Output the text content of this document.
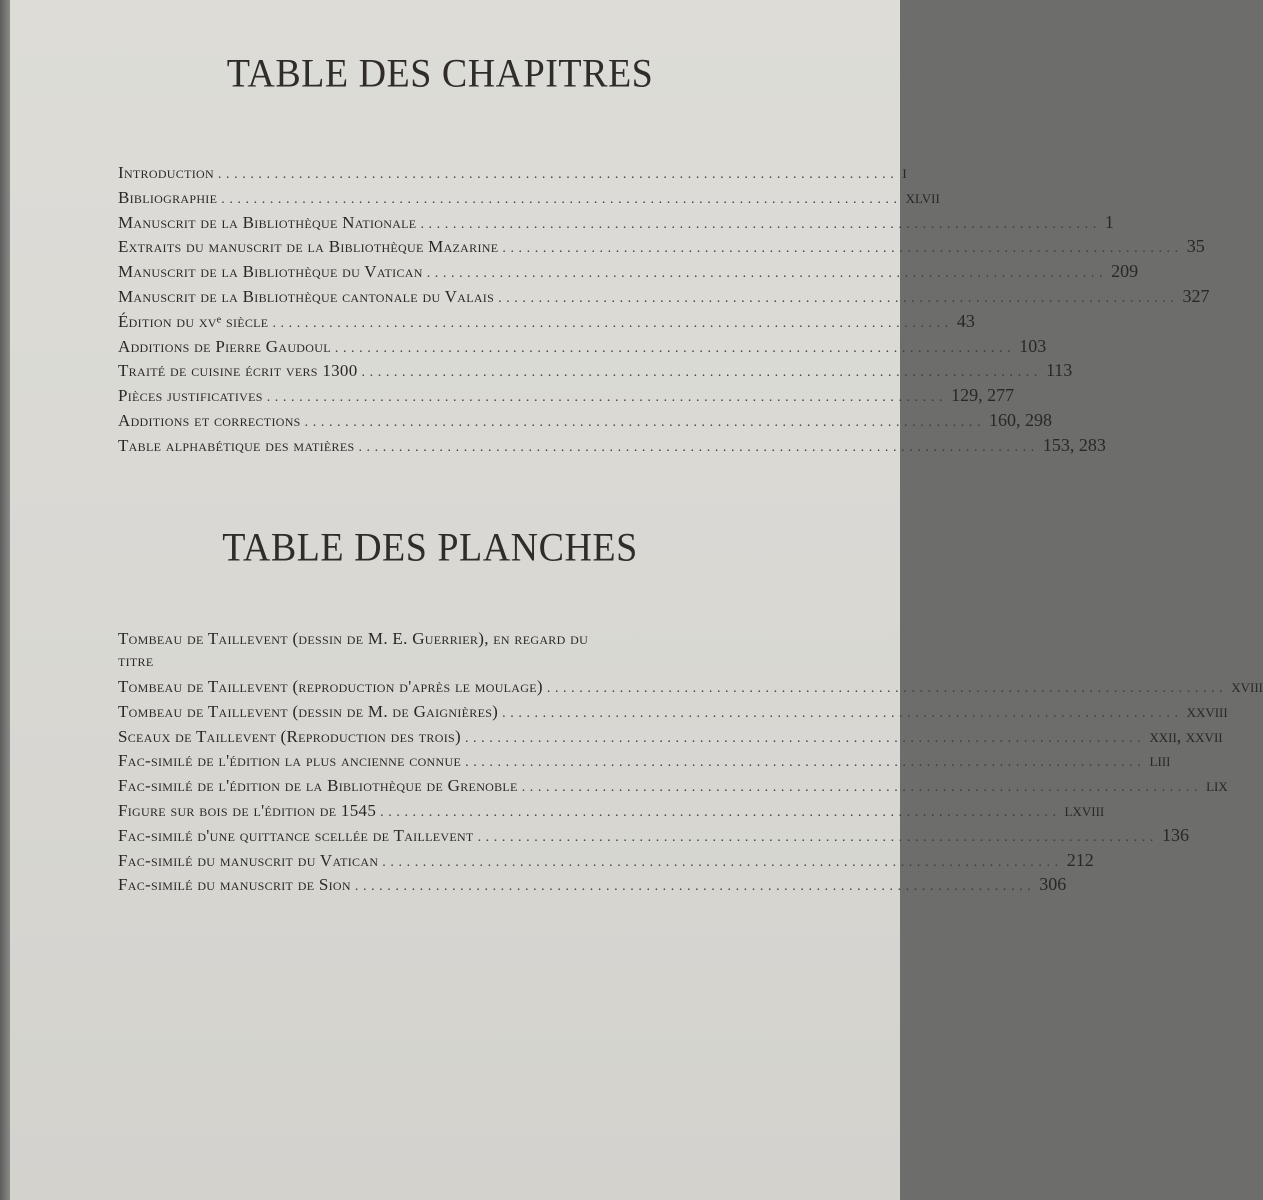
TABLE DES CHAPITRES
Introduction .................................................................................... i
Bibliographie .................................................................................... xlvii
Manuscrit de la Bibliothèque Nationale .................................................................................... 1
Extraits du manuscrit de la Bibliothèque Mazarine .................................................................................... 35
Manuscrit de la Bibliothèque du Vatican .................................................................................... 209
Manuscrit de la Bibliothèque cantonale du Valais .................................................................................... 327
Édition du xvᵉ siècle .................................................................................... 43
Additions de Pierre Gaudoul .................................................................................... 103
Traité de cuisine écrit vers 1300 .................................................................................... 113
Pièces justificatives .................................................................................... 129, 277
Additions et corrections .................................................................................... 160, 298
Table alphabétique des matières .................................................................................... 153, 283
TABLE DES PLANCHES
Tombeau de Taillevent (dessin de M. E. Guerrier), en regard du titre
Tombeau de Taillevent (reproduction d'après le moulage) .................................................................................... xviii
Tombeau de Taillevent (dessin de M. de Gaignières) .................................................................................... xxviii
Sceaux de Taillevent (Reproduction des trois) .................................................................................... xxii, xxvii
Fac-similé de l'édition la plus ancienne connue .................................................................................... liii
Fac-similé de l'édition de la Bibliothèque de Grenoble .................................................................................... lix
Figure sur bois de l'édition de 1545 .................................................................................... lxviii
Fac-similé d'une quittance scellée de Taillevent .................................................................................... 136
Fac-similé du manuscrit du Vatican .................................................................................... 212
Fac-similé du manuscrit de Sion .................................................................................... 306
